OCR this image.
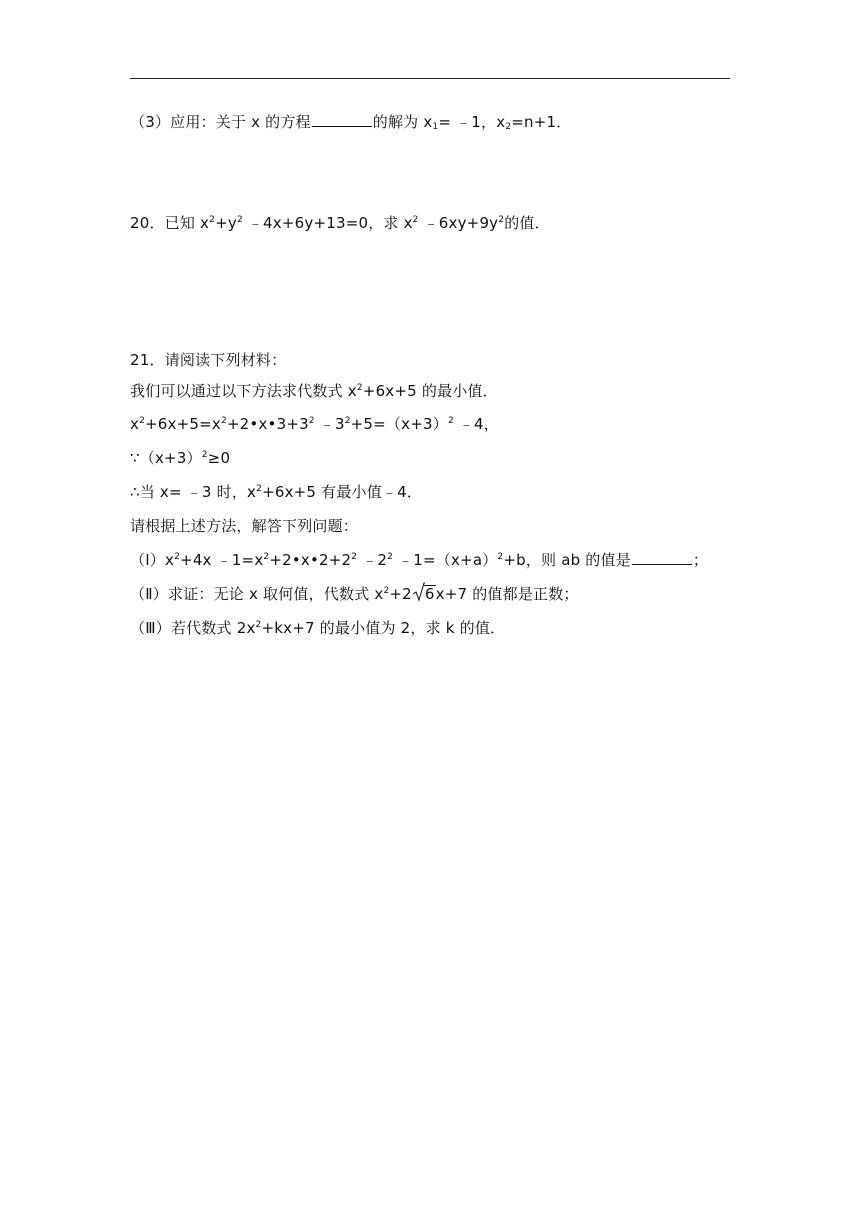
（3）应用：关于 x 的方程	的解为 $x_1=$ ﹣1，$x_2=n+1$．
20．已知 $x^2+y^2$ ﹣4x+6y+13=0，求 $x^2$ $﹣6xy+9y^2$的值．
21．请阅读下列材料：
我们可以通过以下方法求代数式 $x^2+6x+5$ 的最小值．
$x^2+6x+5=x^2+2•x•3+3^2$ $﹣3^2+5=(x+3)^2$ ﹣4，
$\because(x+3)^2\ge 0$
∴当 x= ﹣3 时，$x^2+6x+5$ 有最小值﹣4．
请根据上述方法，解答下列问题：
$(Ⅰ)x^2+4x$ $﹣1=x^2+2•x•2+2^2$ $﹣2^2$ $﹣1=(x+a)^2+b$，则 ab 的值是	；
（Ⅱ）求证：无论 x 取何值，代数式 $x^2+2$ 6x+7 的值都是正数；
（Ⅲ）若代数式 $2x^2+kx+7$ 的最小值为 2，求 k 的值．
